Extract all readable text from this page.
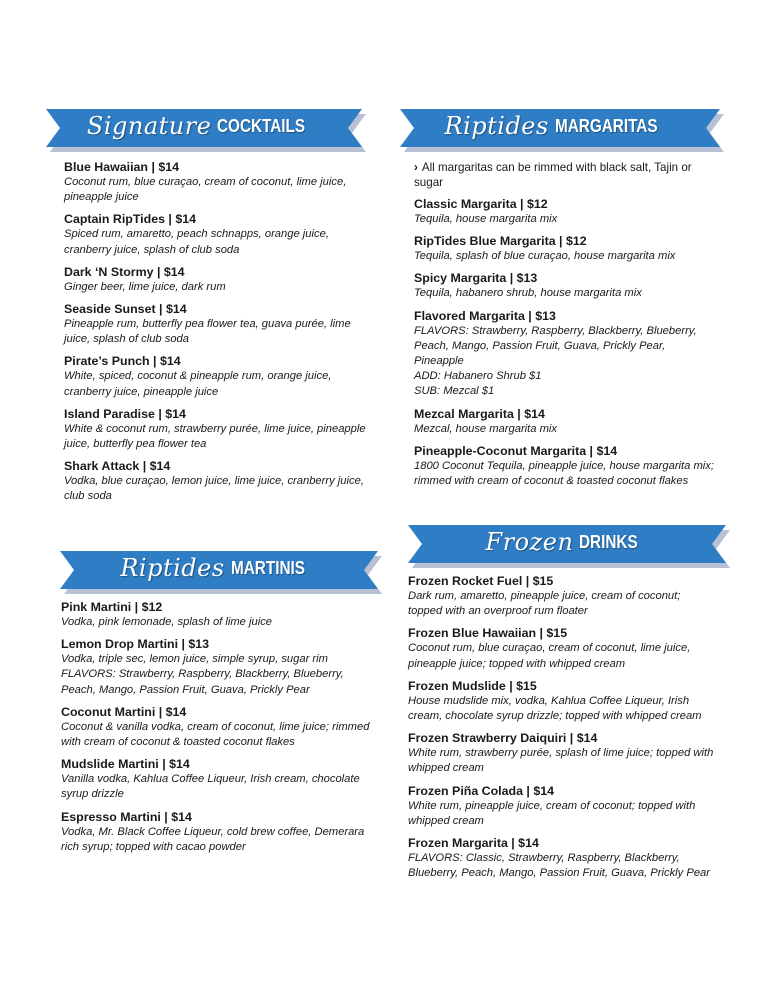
Signature COCKTAILS
Blue Hawaiian | $14
Coconut rum, blue curaçao, cream of coconut, lime juice,
pineapple juice
Captain RipTides | $14
Spiced rum, amaretto, peach schnapps, orange juice,
cranberry juice, splash of club soda
Dark ‘N Stormy | $14
Ginger beer, lime juice, dark rum
Seaside Sunset | $14
Pineapple rum, butterfly pea flower tea, guava purée, lime
juice, splash of club soda
Pirate’s Punch | $14
White, spiced, coconut & pineapple rum, orange juice,
cranberry juice, pineapple juice
Island Paradise | $14
White & coconut rum, strawberry purée, lime juice, pineapple
juice, butterfly pea flower tea
Shark Attack | $14
Vodka, blue curaçao, lemon juice, lime juice, cranberry juice,
club soda
Riptides MARGARITAS
› All margaritas can be rimmed with black salt, Tajin or
sugar
Classic Margarita | $12
Tequila, house margarita mix
RipTides Blue Margarita | $12
Tequila, splash of blue curaçao, house margarita mix
Spicy Margarita | $13
Tequila, habanero shrub, house margarita mix
Flavored Margarita | $13
FLAVORS: Strawberry, Raspberry, Blackberry, Blueberry,
Peach, Mango, Passion Fruit, Guava, Prickly Pear,
Pineapple
ADD: Habanero Shrub $1
SUB: Mezcal $1
Mezcal Margarita | $14
Mezcal, house margarita mix
Pineapple-Coconut Margarita | $14
1800 Coconut Tequila, pineapple juice, house margarita mix;
rimmed with cream of coconut & toasted coconut flakes
Riptides MARTINIS
Pink Martini | $12
Vodka, pink lemonade, splash of lime juice
Lemon Drop Martini | $13
Vodka, triple sec, lemon juice, simple syrup, sugar rim
FLAVORS: Strawberry, Raspberry, Blackberry, Blueberry,
Peach, Mango, Passion Fruit, Guava, Prickly Pear
Coconut Martini | $14
Coconut & vanilla vodka, cream of coconut, lime juice; rimmed
with cream of coconut & toasted coconut flakes
Mudslide Martini | $14
Vanilla vodka, Kahlua Coffee Liqueur, Irish cream, chocolate
syrup drizzle
Espresso Martini | $14
Vodka, Mr. Black Coffee Liqueur, cold brew coffee, Demerara
rich syrup; topped with cacao powder
Frozen DRINKS
Frozen Rocket Fuel | $15
Dark rum, amaretto, pineapple juice, cream of coconut;
topped with an overproof rum floater
Frozen Blue Hawaiian | $15
Coconut rum, blue curaçao, cream of coconut, lime juice,
pineapple juice; topped with whipped cream
Frozen Mudslide | $15
House mudslide mix, vodka, Kahlua Coffee Liqueur, Irish
cream, chocolate syrup drizzle; topped with whipped cream
Frozen Strawberry Daiquiri | $14
White rum, strawberry purée, splash of lime juice; topped with
whipped cream
Frozen Piña Colada | $14
White rum, pineapple juice, cream of coconut; topped with
whipped cream
Frozen Margarita | $14
FLAVORS: Classic, Strawberry, Raspberry, Blackberry,
Blueberry, Peach, Mango, Passion Fruit, Guava, Prickly Pear
